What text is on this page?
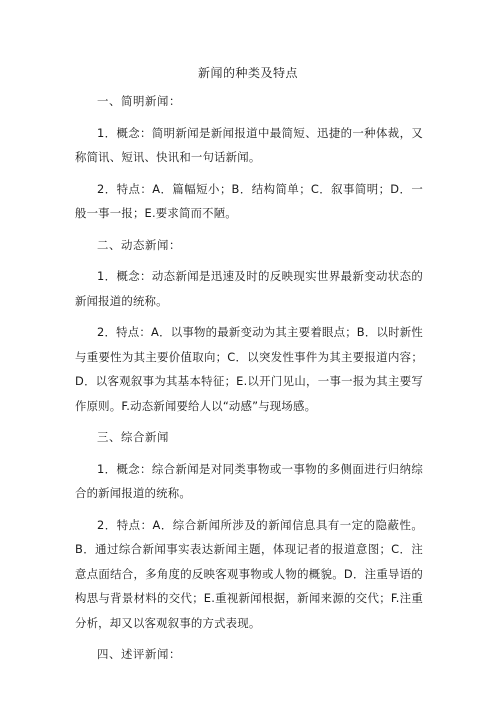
新闻的种类及特点
一、简明新闻：

1．概念：简明新闻是新闻报道中最简短、迅捷的一种体裁，又称简讯、短讯、快讯和一句话新闻。

2．特点：A．篇幅短小；B．结构简单；C．叙事简明；D．一般一事一报；E.要求简而不陋。

二、动态新闻：

1．概念：动态新闻是迅速及时的反映现实世界最新变动状态的新闻报道的统称。

2．特点：A．以事物的最新变动为其主要着眼点；B．以时新性与重要性为其主要价值取向；C．以突发性事件为其主要报道内容；D．以客观叙事为其基本特征；E.以开门见山，一事一报为其主要写作原则。F.动态新闻要给人以“动感”与现场感。

三、综合新闻

1．概念：综合新闻是对同类事物或一事物的多侧面进行归纳综合的新闻报道的统称。

2．特点：A．综合新闻所涉及的新闻信息具有一定的隐蔽性。B．通过综合新闻事实表达新闻主题，体现记者的报道意图；C．注意点面结合，多角度的反映客观事物或人物的概貌。D．注重导语的构思与背景材料的交代；E.重视新闻根据，新闻来源的交代；F.注重分析，却又以客观叙事的方式表现。

四、述评新闻：
